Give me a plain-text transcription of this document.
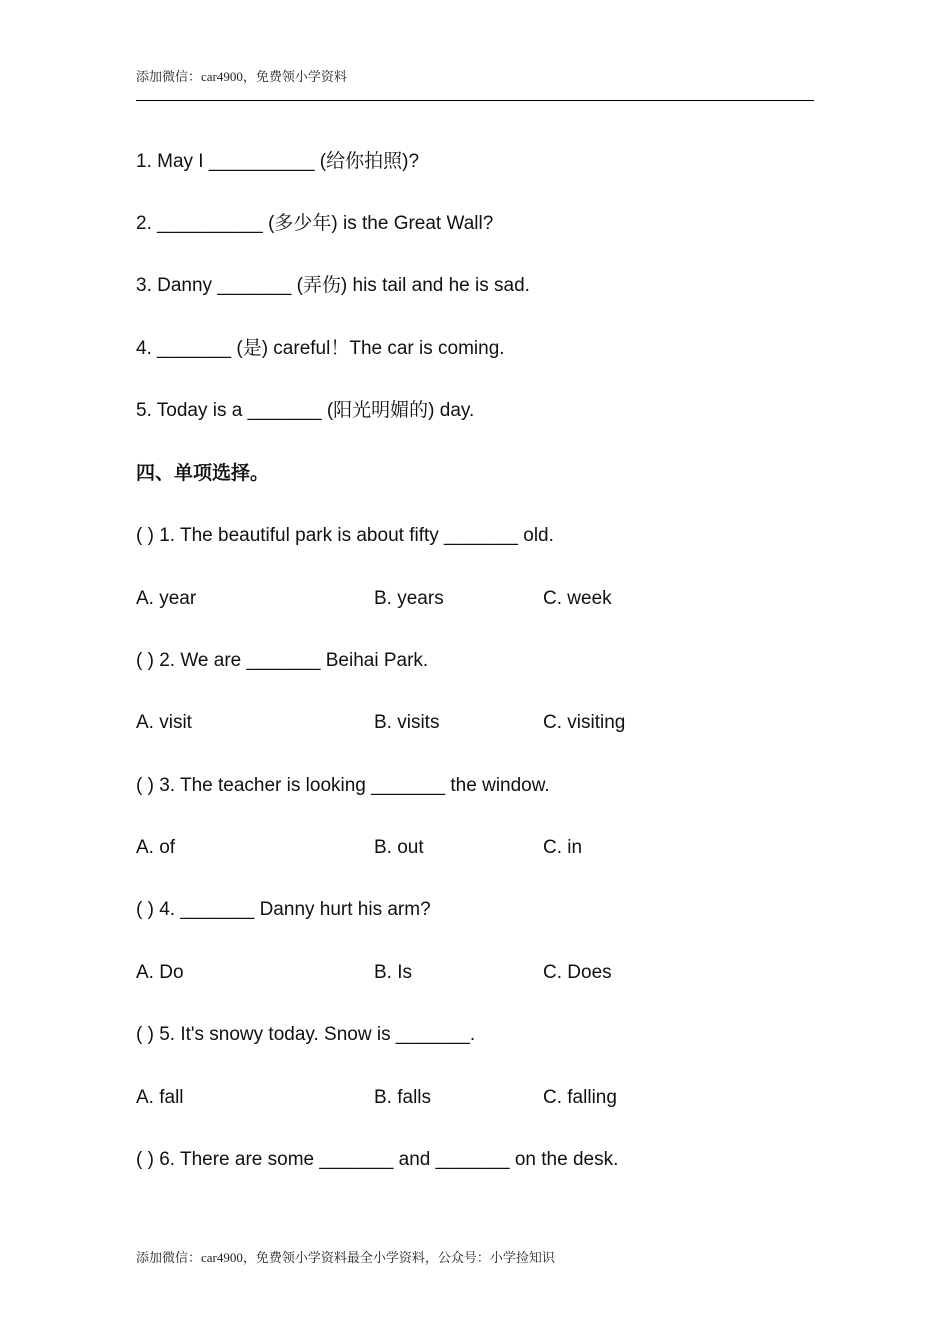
添加微信：car4900，免费领小学资料
1. May I __________ (给你拍照)?
2. __________ (多少年) is the Great Wall?
3. Danny _______ (弄伤) his tail and he is sad.
4. _______ (是) careful！The car is coming.
5. Today is a _______ (阳光明媚的) day.
四、单项选择。
( ) 1. The beautiful park is about fifty _______ old.
A. year	B. years	C. week
( ) 2. We are _______ Beihai Park.
A. visit	B. visits	C. visiting
( ) 3. The teacher is looking _______ the window.
A. of	B. out	C. in
( ) 4. _______ Danny hurt his arm?
A. Do	B. Is	C. Does
( ) 5. It's snowy today. Snow is _______.
A. fall	B. falls	C. falling
( ) 6. There are some _______ and _______ on the desk.
添加微信：car4900，免费领小学资料最全小学资料，公众号：小学捡知识
